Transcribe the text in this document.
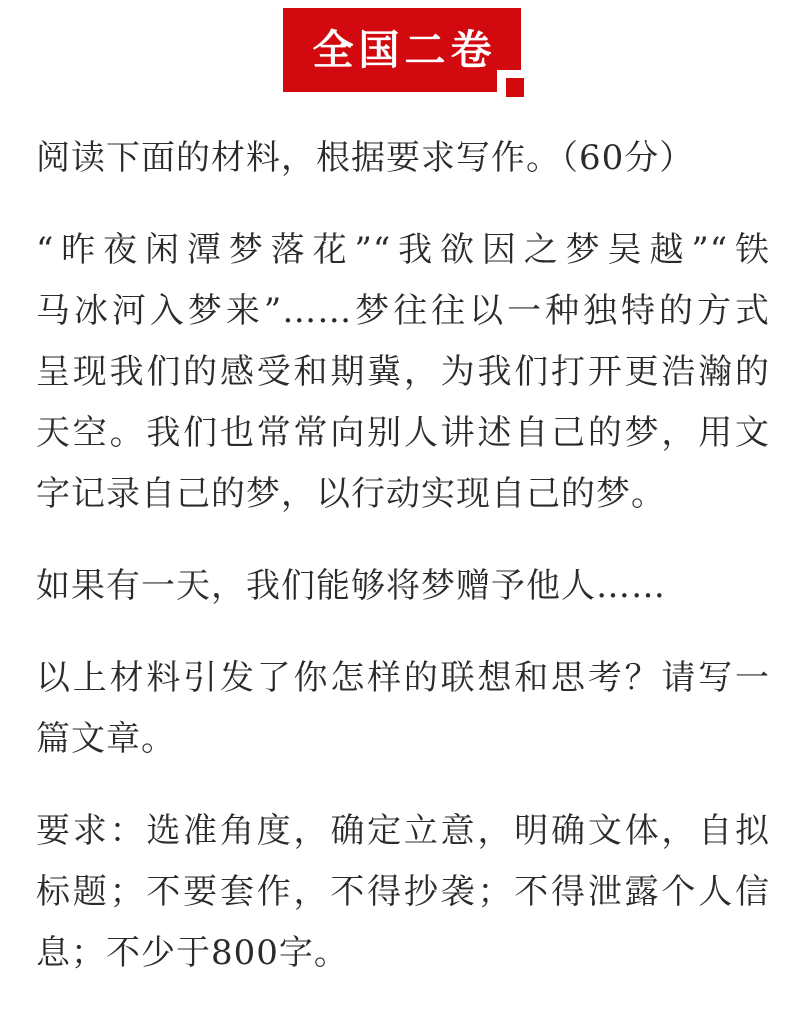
全国二卷
阅读下面的材料，根据要求写作。（60分）
“昨夜闲潭梦落花”“我欲因之梦吴越”“铁
马冰河入梦来”……梦往往以一种独特的方式
呈现我们的感受和期冀，为我们打开更浩瀚的
天空。我们也常常向别人讲述自己的梦，用文
字记录自己的梦，以行动实现自己的梦。
如果有一天，我们能够将梦赠予他人……
以上材料引发了你怎样的联想和思考？请写一
篇文章。
要求：选准角度，确定立意，明确文体，自拟
标题；不要套作，不得抄袭；不得泄露个人信
息；不少于800字。
